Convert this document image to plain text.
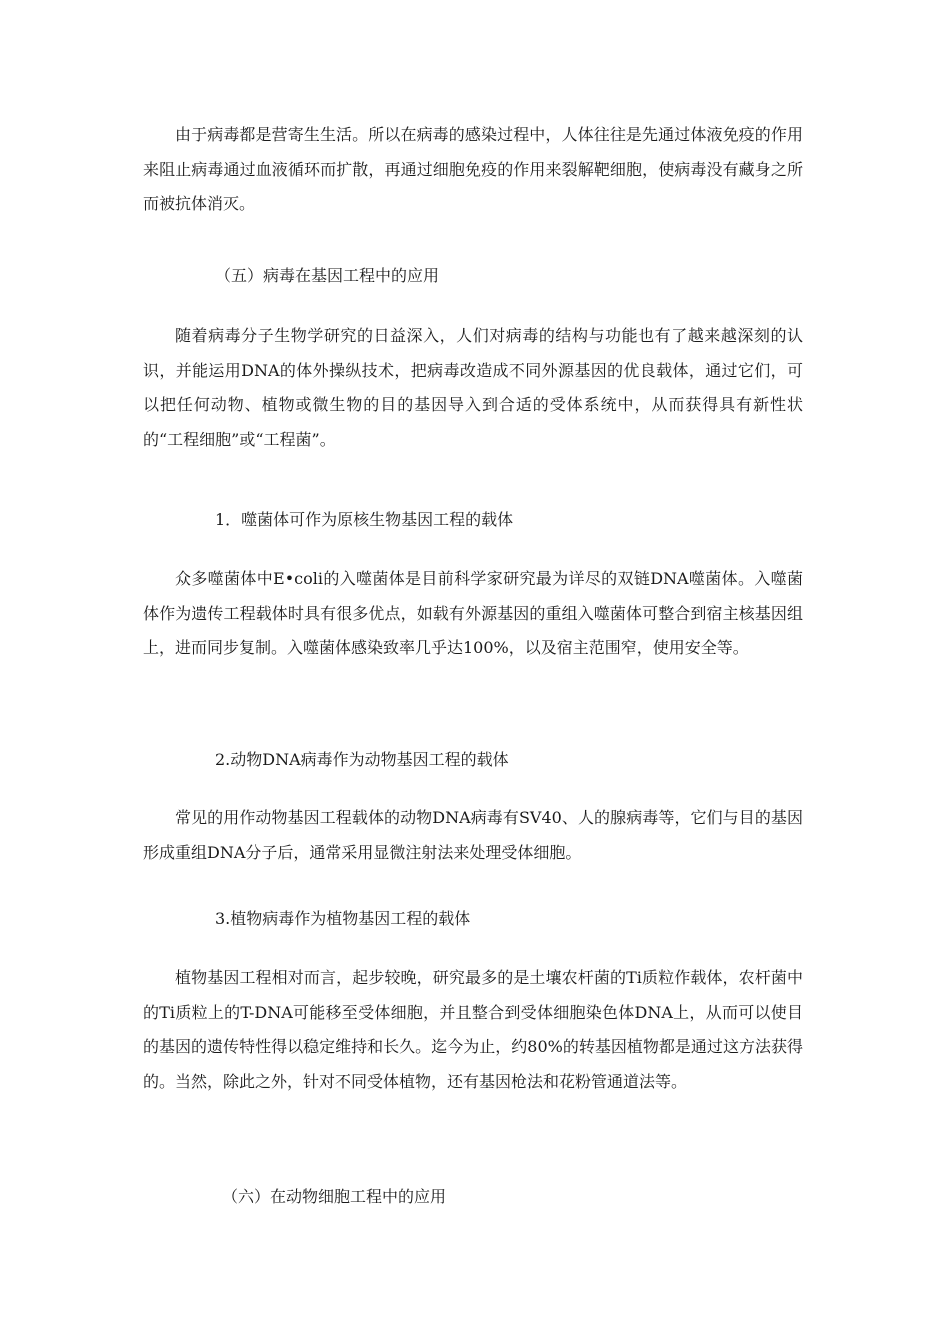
由于病毒都是营寄生生活。所以在病毒的感染过程中，人体往往是先通过体液免疫的作用来阻止病毒通过血液循环而扩散，再通过细胞免疫的作用来裂解靶细胞，使病毒没有藏身之所而被抗体消灭。

（五）病毒在基因工程中的应用

随着病毒分子生物学研究的日益深入，人们对病毒的结构与功能也有了越来越深刻的认识，并能运用DNA的体外操纵技术，把病毒改造成不同外源基因的优良载体，通过它们，可以把任何动物、植物或微生物的目的基因导入到合适的受体系统中，从而获得具有新性状的“工程细胞”或“工程菌”。

1．噬菌体可作为原核生物基因工程的载体

众多噬菌体中E•coli的入噬菌体是目前科学家研究最为详尽的双链DNA噬菌体。入噬菌体作为遗传工程载体时具有很多优点，如载有外源基因的重组入噬菌体可整合到宿主核基因组上，进而同步复制。入噬菌体感染致率几乎达100%，以及宿主范围窄，使用安全等。

2.动物DNA病毒作为动物基因工程的载体

常见的用作动物基因工程载体的动物DNA病毒有SV40、人的腺病毒等，它们与目的基因形成重组DNA分子后，通常采用显微注射法来处理受体细胞。

3.植物病毒作为植物基因工程的载体

植物基因工程相对而言，起步较晚，研究最多的是土壤农杆菌的Ti质粒作载体，农杆菌中的Ti质粒上的T-DNA可能移至受体细胞，并且整合到受体细胞染色体DNA上，从而可以使目的基因的遗传特性得以稳定维持和长久。迄今为止，约80%的转基因植物都是通过这方法获得的。当然，除此之外，针对不同受体植物，还有基因枪法和花粉管通道法等。

（六）在动物细胞工程中的应用
